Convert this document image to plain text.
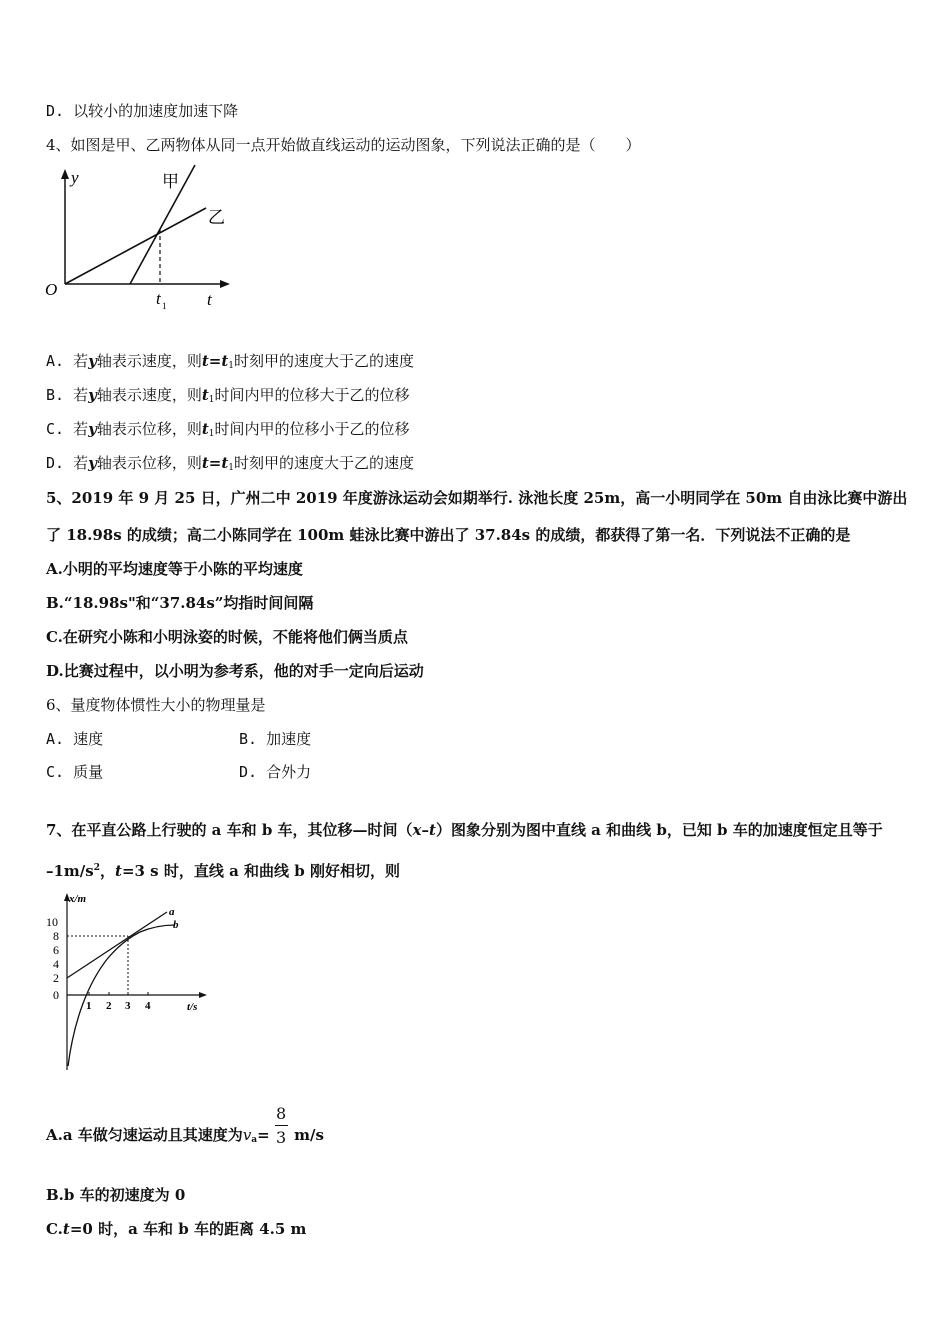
D. 以较小的加速度加速下降
4、如图是甲、乙两物体从同一点开始做直线运动的运动图象，下列说法正确的是（　　）
y
t
O	t 1
甲
乙
A. 若y轴表示速度，则$t=t_1$时刻甲的速度大于乙的速度
B. 若y轴表示速度，则$t_1$时间内甲的位移大于乙的位移
C. 若y轴表示位移，则$t_1$时间内甲的位移小于乙的位移
D. 若y轴表示位移，则$t=t_1$时刻甲的速度大于乙的速度
5、2019 年 9 月 25 日，广州二中 2019 年度游泳运动会如期举行. 泳池长度 25m，高一小明同学在 50m 自由泳比赛中游出
了 18.98s 的成绩；高二小陈同学在 100m 蛙泳比赛中游出了 37.84s 的成绩，都获得了第一名．下列说法不正确的是
A.小明的平均速度等于小陈的平均速度
B.“18.98s"和“37.84s”均指时间间隔
C.在研究小陈和小明泳姿的时候，不能将他们俩当质点
D.比赛过程中，以小明为参考系，他的对手一定向后运动
6、量度物体惯性大小的物理量是
A. 速度	B. 加速度
C. 质量	D. 合外力
7、在平直公路上行驶的 a 车和 b 车，其位移—时间（x–t）图象分别为图中直线 a 和曲线 b，已知 b 车的加速度恒定且等于
$-1m/s^2$，t=3 s 时，直线 a 和曲线 b 刚好相切，则
x/m
t/s
10
8
6
4
2
0
1 2 3 4
a
b
A.a 车做匀速运动且其速度为$v_a= \frac{8}{3} m/s$
B.b 车的初速度为 0
C.t=0 时，a 车和 b 车的距离 4.5 m
